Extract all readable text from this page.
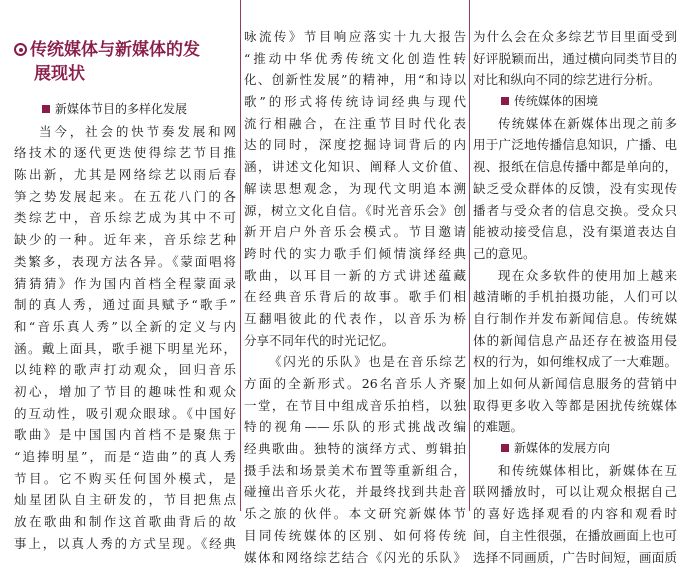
传统媒体与新媒体的发
展现状
新媒体节目的多样化发展
当今，社会的快节奏发展和网
络技术的逐代更迭使得综艺节目推
陈出新，尤其是网络综艺以雨后春
笋之势发展起来。在五花八门的各
类综艺中，音乐综艺成为其中不可
缺少的一种。近年来，音乐综艺种
类繁多，表现方法各异。《蒙面唱将
猜猜猜》作为国内首档全程蒙面录
制的真人秀，通过面具赋予“歌手”
和“音乐真人秀”以全新的定义与内
涵。戴上面具，歌手褪下明星光环，
以纯粹的歌声打动观众，回归音乐
初心，增加了节目的趣味性和观众
的互动性，吸引观众眼球。《中国好
歌曲》是中国国内首档不是聚焦于
“追捧明星”，而是“造曲”的真人秀
节目。它不购买任何国外模式，是
灿星团队自主研发的，节目把焦点
放在歌曲和制作这首歌曲背后的故
事上，以真人秀的方式呈现。《经典
咏流传》节目响应落实十九大报告
“推动中华优秀传统文化创造性转
化、创新性发展”的精神，用“和诗以
歌”的形式将传统诗词经典与现代
流行相融合，在注重节目时代化表
达的同时，深度挖掘诗词背后的内
涵，讲述文化知识、阐释人文价值、
解读思想观念，为现代文明追本溯
源，树立文化自信。《时光音乐会》创
新开启户外音乐会模式。节目邀请
跨时代的实力歌手们倾情演绎经典
歌曲，以耳目一新的方式讲述蕴藏
在经典音乐背后的故事。歌手们相
互翻唱彼此的代表作，以音乐为桥
分享不同年代的时光记忆。
《闪光的乐队》也是在音乐综艺
方面的全新形式。26名音乐人齐聚
一堂，在节目中组成音乐拍档，以独
特的视角——乐队的形式挑战改编
经典歌曲。独特的演绎方式、剪辑拍
摄手法和场景美术布置等重新组合，
碰撞出音乐火花，并最终找到共赴音
乐之旅的伙伴。本文研究新媒体节
目同传统媒体的区别、如何将传统
媒体和网络综艺结合《闪光的乐队》
为什么会在众多综艺节目里面受到
好评脱颖而出，通过横向同类节目的
对比和纵向不同的综艺进行分析。
传统媒体的困境
传统媒体在新媒体出现之前多
用于广泛地传播信息知识，广播、电
视、报纸在信息传播中都是单向的，
缺乏受众群体的反馈，没有实现传
播者与受众者的信息交换。受众只
能被动接受信息，没有渠道表达自
己的意见。
现在众多软件的使用加上越来
越清晰的手机拍摄功能，人们可以
自行制作并发布新闻信息。传统媒
体的新闻信息产品还存在被盗用侵
权的行为，如何维权成了一大难题。
加上如何从新闻信息服务的营销中
取得更多收入等都是困扰传统媒体
的难题。
新媒体的发展方向
和传统媒体相比，新媒体在互
联网播放时，可以让观众根据自己
的喜好选择观看的内容和观看时
间，自主性很强，在播放画面上也可
选择不同画质，广告时间短，画面质
